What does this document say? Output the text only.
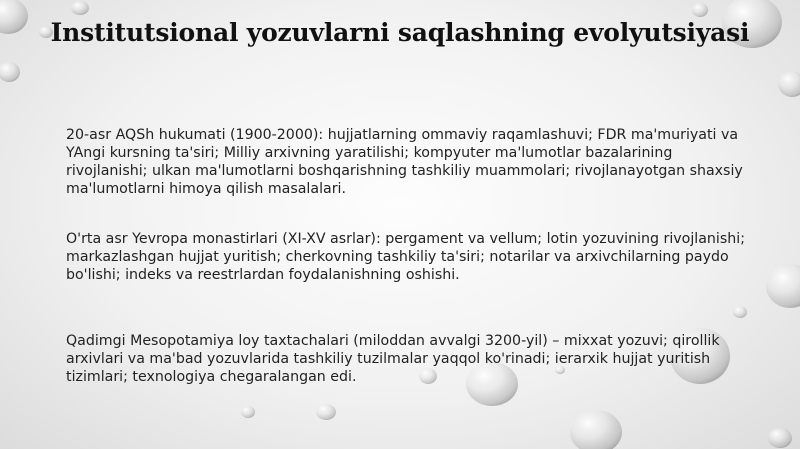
Institutsional yozuvlarni saqlashning evolyutsiyasi

20-asr AQSh hukumati (1900-2000): hujjatlarning ommaviy raqamlashuvi; FDR ma'muriyati va YAngi kursning ta'siri; Milliy arxivning yaratilishi; kompyuter ma'lumotlar bazalarining rivojlanishi; ulkan ma'lumotlarni boshqarishning tashkiliy muammolari; rivojlanayotgan shaxsiy ma'lumotlarni himoya qilish masalalari.

O'rta asr Yevropa monastirlari (XI-XV asrlar): pergament va vellum; lotin yozuvining rivojlanishi; markazlashgan hujjat yuritish; cherkovning tashkiliy ta'siri; notarilar va arxivchilarning paydo bo'lishi; indeks va reestrlardan foydalanishning oshishi.

Qadimgi Mesopotamiya loy taxtachalari (miloddan avvalgi 3200-yil) – mixxat yozuvi; qirollik arxivlari va ma'bad yozuvlarida tashkiliy tuzilmalar yaqqol ko'rinadi; ierarxik hujjat yuritish tizimlari; texnologiya chegaralangan edi.
